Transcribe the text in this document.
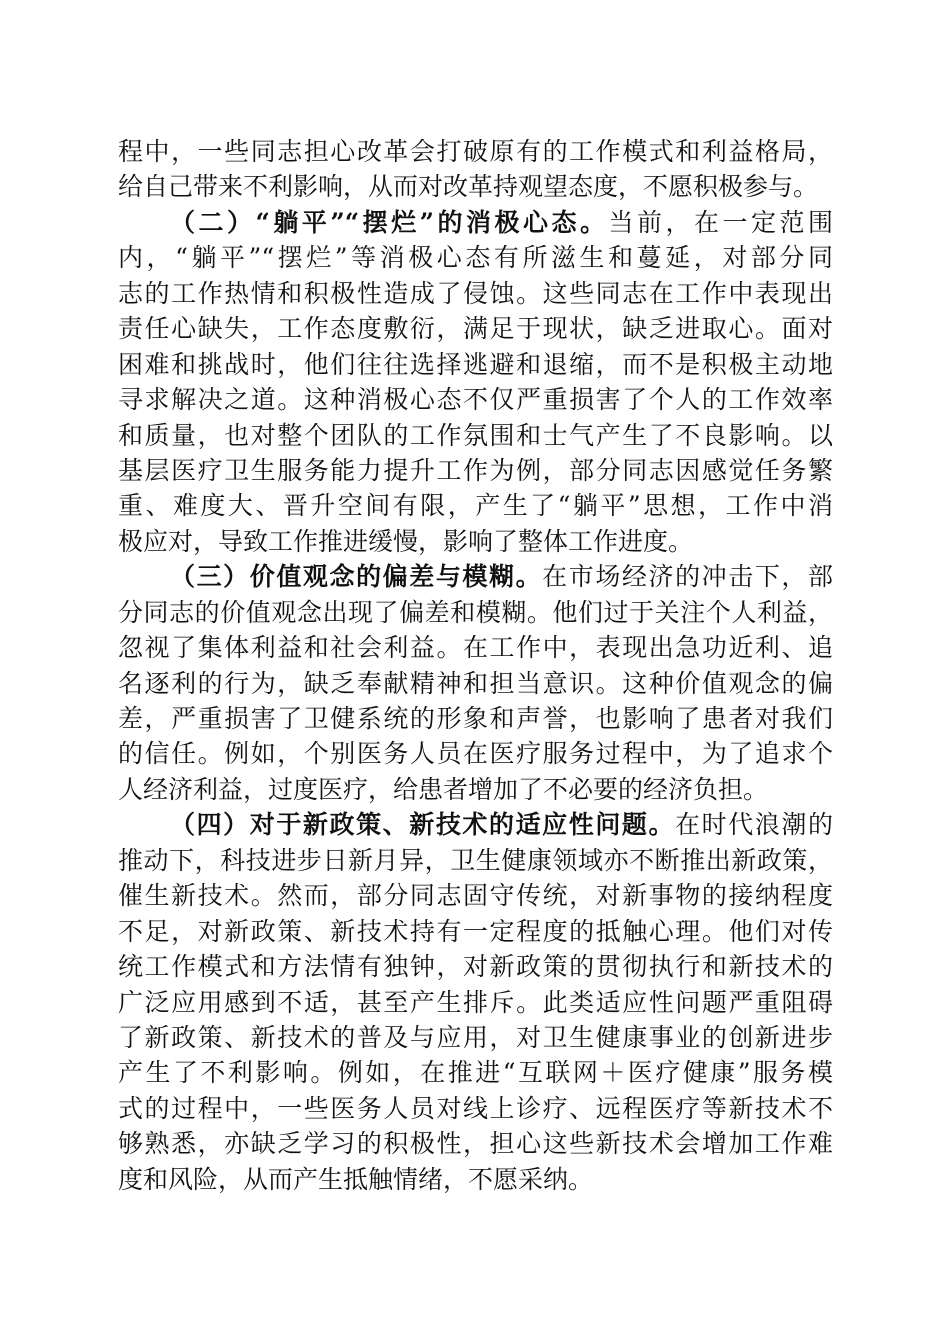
程中，一些同志担心改革会打破原有的工作模式和利益格局，
给自己带来不利影响，从而对改革持观望态度，不愿积极参与。
（二）“躺平”“摆烂”的消极心态。当前，在一定范围
内，“躺平”“摆烂”等消极心态有所滋生和蔓延，对部分同
志的工作热情和积极性造成了侵蚀。这些同志在工作中表现出
责任心缺失，工作态度敷衍，满足于现状，缺乏进取心。面对
困难和挑战时，他们往往选择逃避和退缩，而不是积极主动地
寻求解决之道。这种消极心态不仅严重损害了个人的工作效率
和质量，也对整个团队的工作氛围和士气产生了不良影响。以
基层医疗卫生服务能力提升工作为例，部分同志因感觉任务繁
重、难度大、晋升空间有限，产生了“躺平”思想，工作中消
极应对，导致工作推进缓慢，影响了整体工作进度。
（三）价值观念的偏差与模糊。在市场经济的冲击下，部
分同志的价值观念出现了偏差和模糊。他们过于关注个人利益，
忽视了集体利益和社会利益。在工作中，表现出急功近利、追
名逐利的行为，缺乏奉献精神和担当意识。这种价值观念的偏
差，严重损害了卫健系统的形象和声誉，也影响了患者对我们
的信任。例如，个别医务人员在医疗服务过程中，为了追求个
人经济利益，过度医疗，给患者增加了不必要的经济负担。
（四）对于新政策、新技术的适应性问题。在时代浪潮的
推动下，科技进步日新月异，卫生健康领域亦不断推出新政策，
催生新技术。然而，部分同志固守传统，对新事物的接纳程度
不足，对新政策、新技术持有一定程度的抵触心理。他们对传
统工作模式和方法情有独钟，对新政策的贯彻执行和新技术的
广泛应用感到不适，甚至产生排斥。此类适应性问题严重阻碍
了新政策、新技术的普及与应用，对卫生健康事业的创新进步
产生了不利影响。例如，在推进“互联网＋医疗健康”服务模
式的过程中，一些医务人员对线上诊疗、远程医疗等新技术不
够熟悉，亦缺乏学习的积极性，担心这些新技术会增加工作难
度和风险，从而产生抵触情绪，不愿采纳。
